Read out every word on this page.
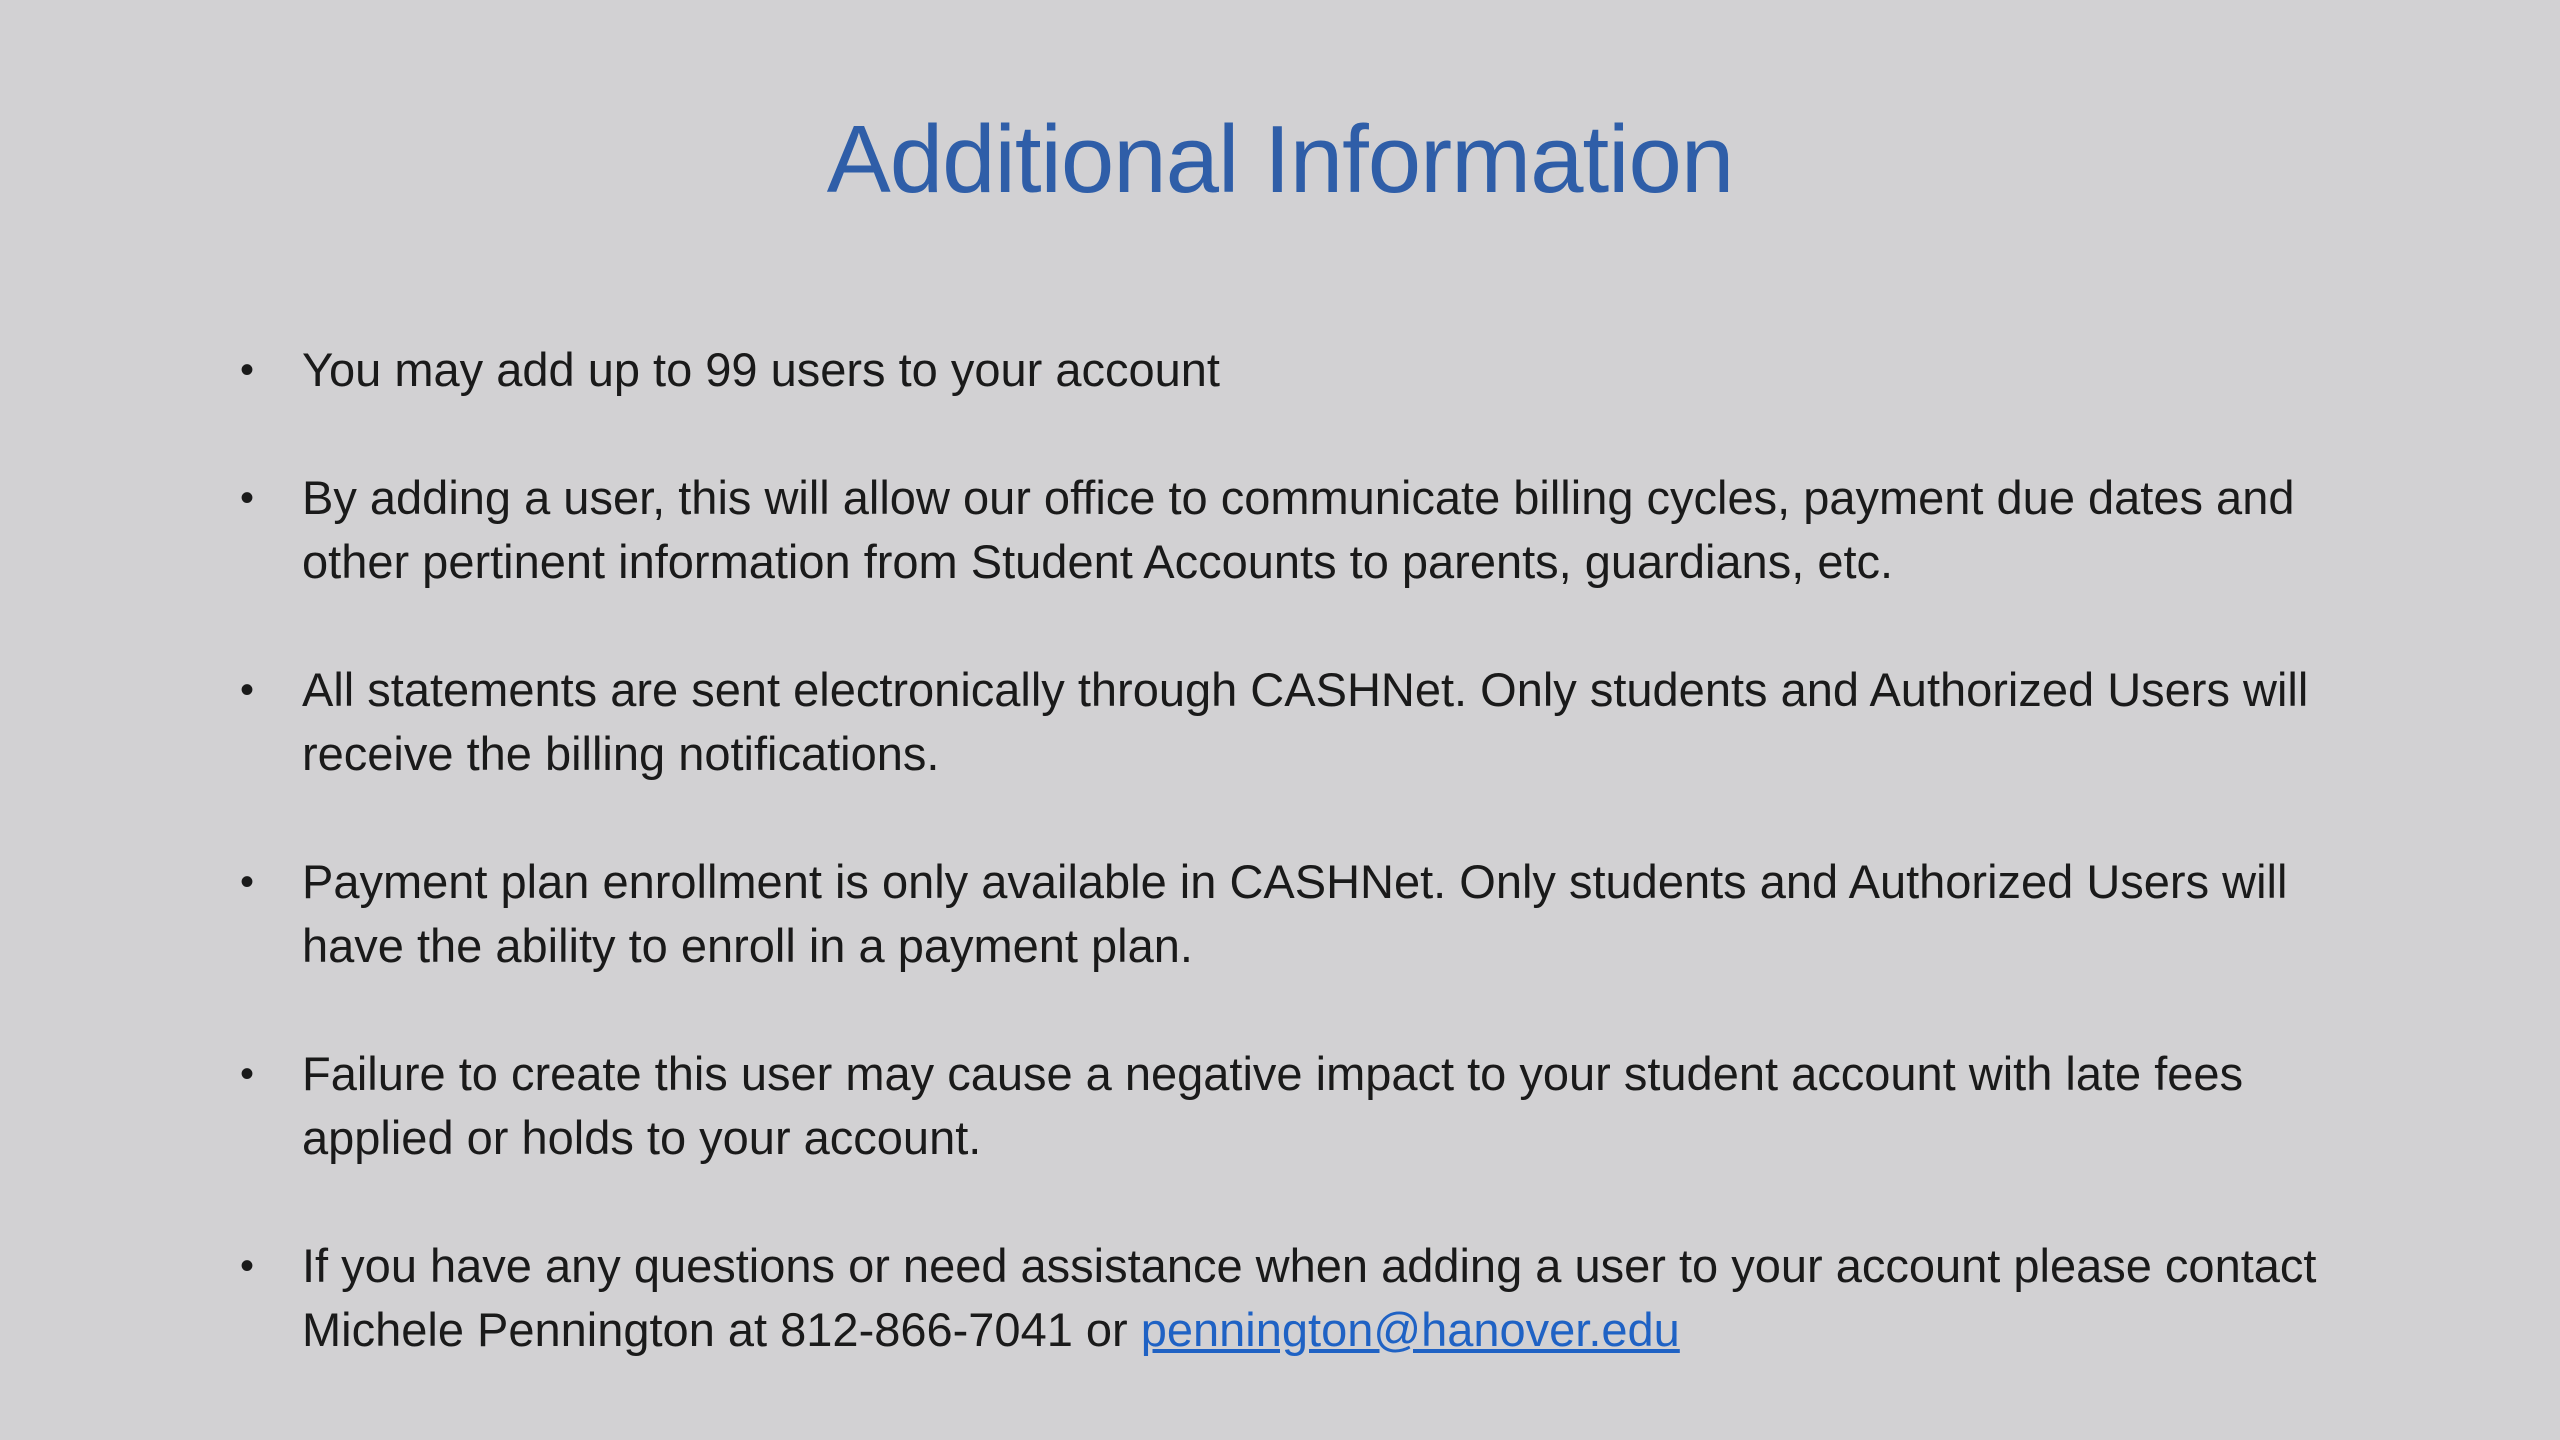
Additional Information
• You may add up to 99 users to your account
• By adding a user, this will allow our office to communicate billing cycles, payment due dates and other pertinent information from Student Accounts to parents, guardians, etc.
• All statements are sent electronically through CASHNet. Only students and Authorized Users will receive the billing notifications.
• Payment plan enrollment is only available in CASHNet. Only students and Authorized Users will have the ability to enroll in a payment plan.
• Failure to create this user may cause a negative impact to your student account with late fees applied or holds to your account.
• If you have any questions or need assistance when adding a user to your account please contact Michele Pennington at 812-866-7041 or pennington@hanover.edu
